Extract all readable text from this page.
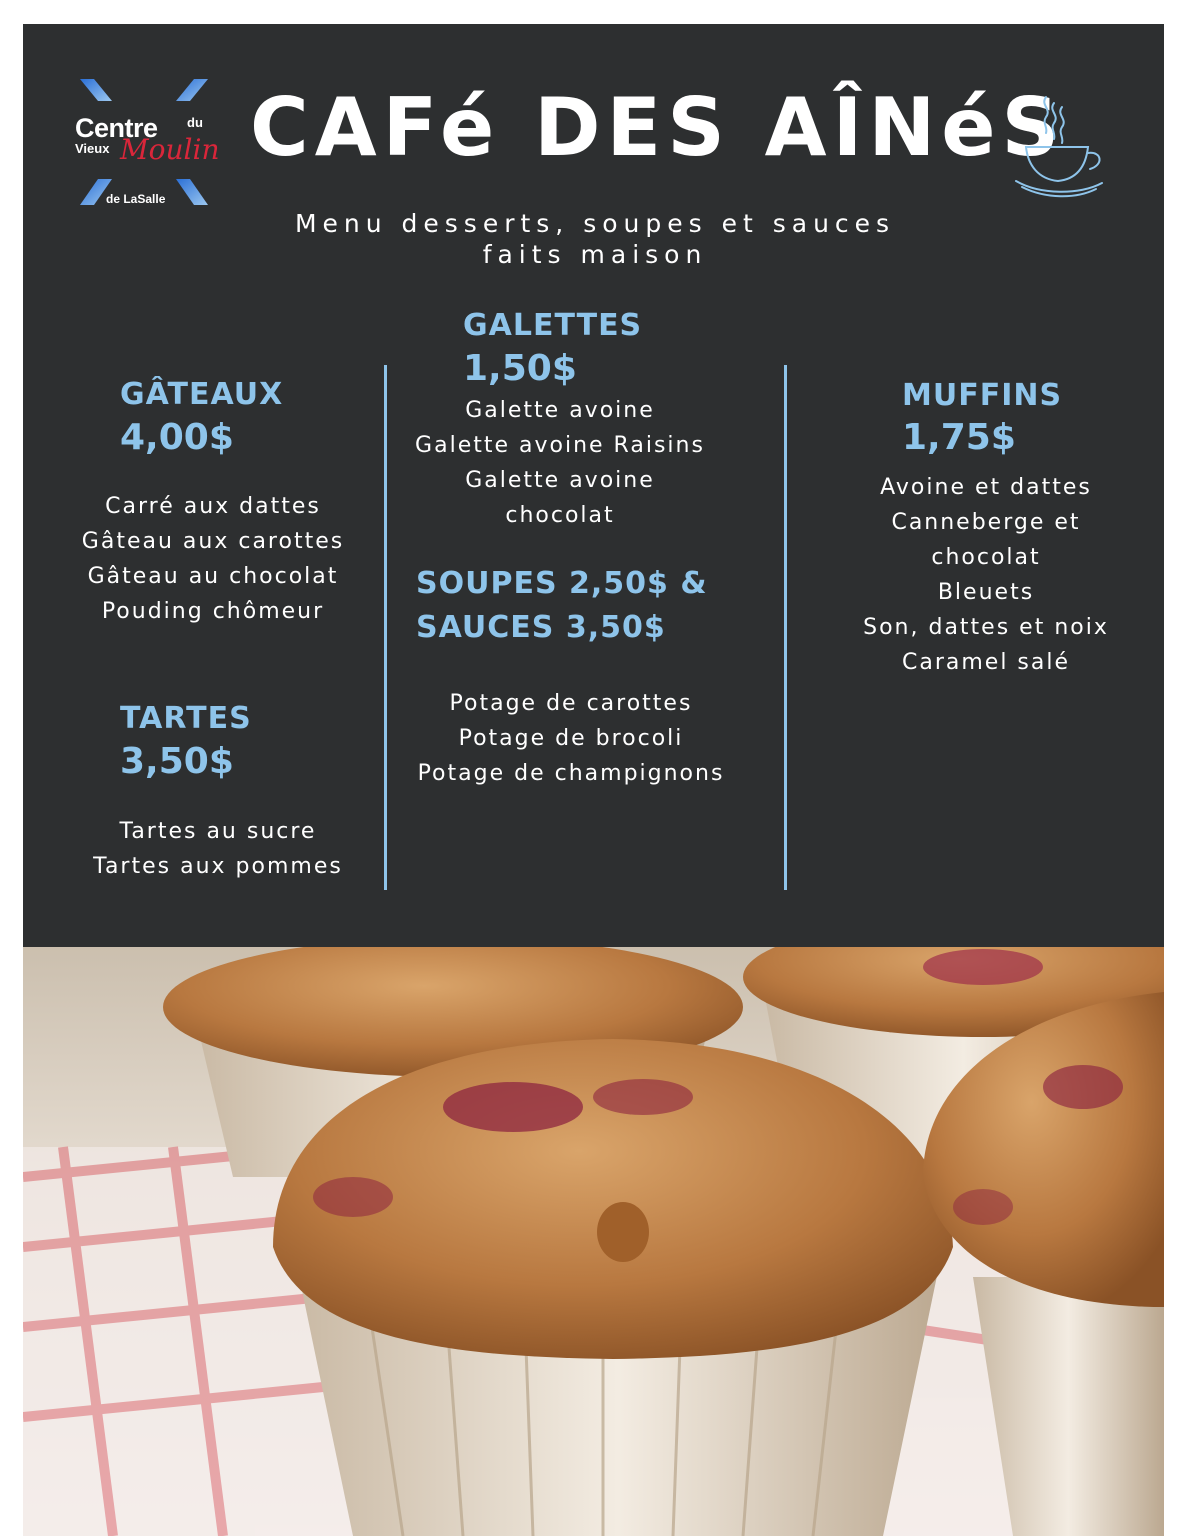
Centre du
Vieux Moulin
de LaSalle
CAFé DES AÎNéS
Menu desserts, soupes et sauces
faits maison
GÂTEAUX
4,00$
Carré aux dattes
Gâteau aux carottes
Gâteau au chocolat
Pouding chômeur
TARTES
3,50$
Tartes au sucre
Tartes aux pommes
GALETTES
1,50$
Galette avoine
Galette avoine Raisins
Galette avoine
chocolat
SOUPES 2,50$ &
SAUCES 3,50$
Potage de carottes
Potage de brocoli
Potage de champignons
MUFFINS
1,75$
Avoine et dattes
Canneberge et
chocolat
Bleuets
Son, dattes et noix
Caramel salé
